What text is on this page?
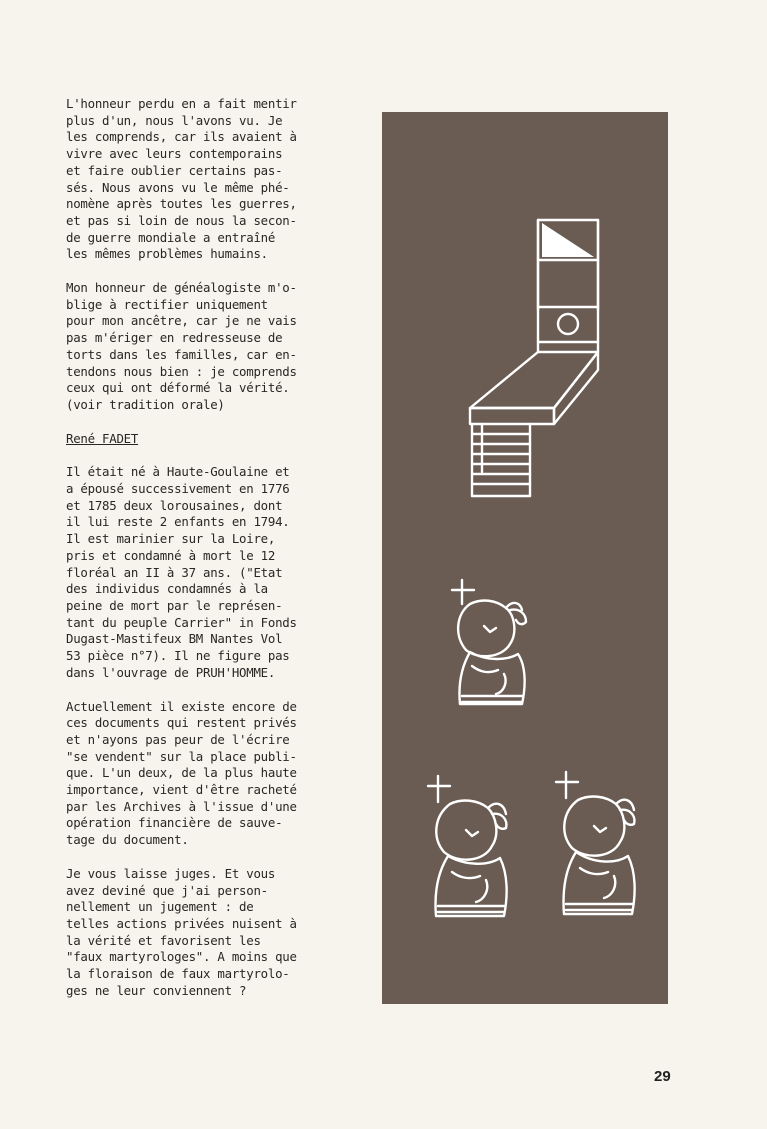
L'honneur perdu en a fait mentir
plus d'un, nous l'avons vu. Je
les comprends, car ils avaient à
vivre avec leurs contemporains
et faire oublier certains pas-
sés. Nous avons vu le même phé-
nomène après toutes les guerres,
et pas si loin de nous la secon-
de guerre mondiale a entraîné
les mêmes problèmes humains.

Mon honneur de généalogiste m'o-
blige à rectifier uniquement
pour mon ancêtre, car je ne vais
pas m'ériger en redresseuse de
torts dans les familles, car en-
tendons nous bien : je comprends
ceux qui ont déformé la vérité.
(voir tradition orale)

René FADET

Il était né à Haute-Goulaine et
a épousé successivement en 1776
et 1785 deux lorousaines, dont
il lui reste 2 enfants en 1794.
Il est marinier sur la Loire,
pris et condamné à mort le 12
floréal an II à 37 ans. ("Etat
des individus condamnés à la
peine de mort par le représen-
tant du peuple Carrier" in Fonds
Dugast-Mastifeux BM Nantes Vol
53 pièce n°7). Il ne figure pas
dans l'ouvrage de PRUH'HOMME.

Actuellement il existe encore de
ces documents qui restent privés
et n'ayons pas peur de l'écrire
"se vendent" sur la place publi-
que. L'un deux, de la plus haute
importance, vient d'être racheté
par les Archives à l'issue d'une
opération financière de sauve-
tage du document.

Je vous laisse juges. Et vous
avez deviné que j'ai person-
nellement un jugement : de
telles actions privées nuisent à
la vérité et favorisent les
"faux martyrologes". A moins que
la floraison de faux martyrolo-
ges ne leur conviennent ?

29
